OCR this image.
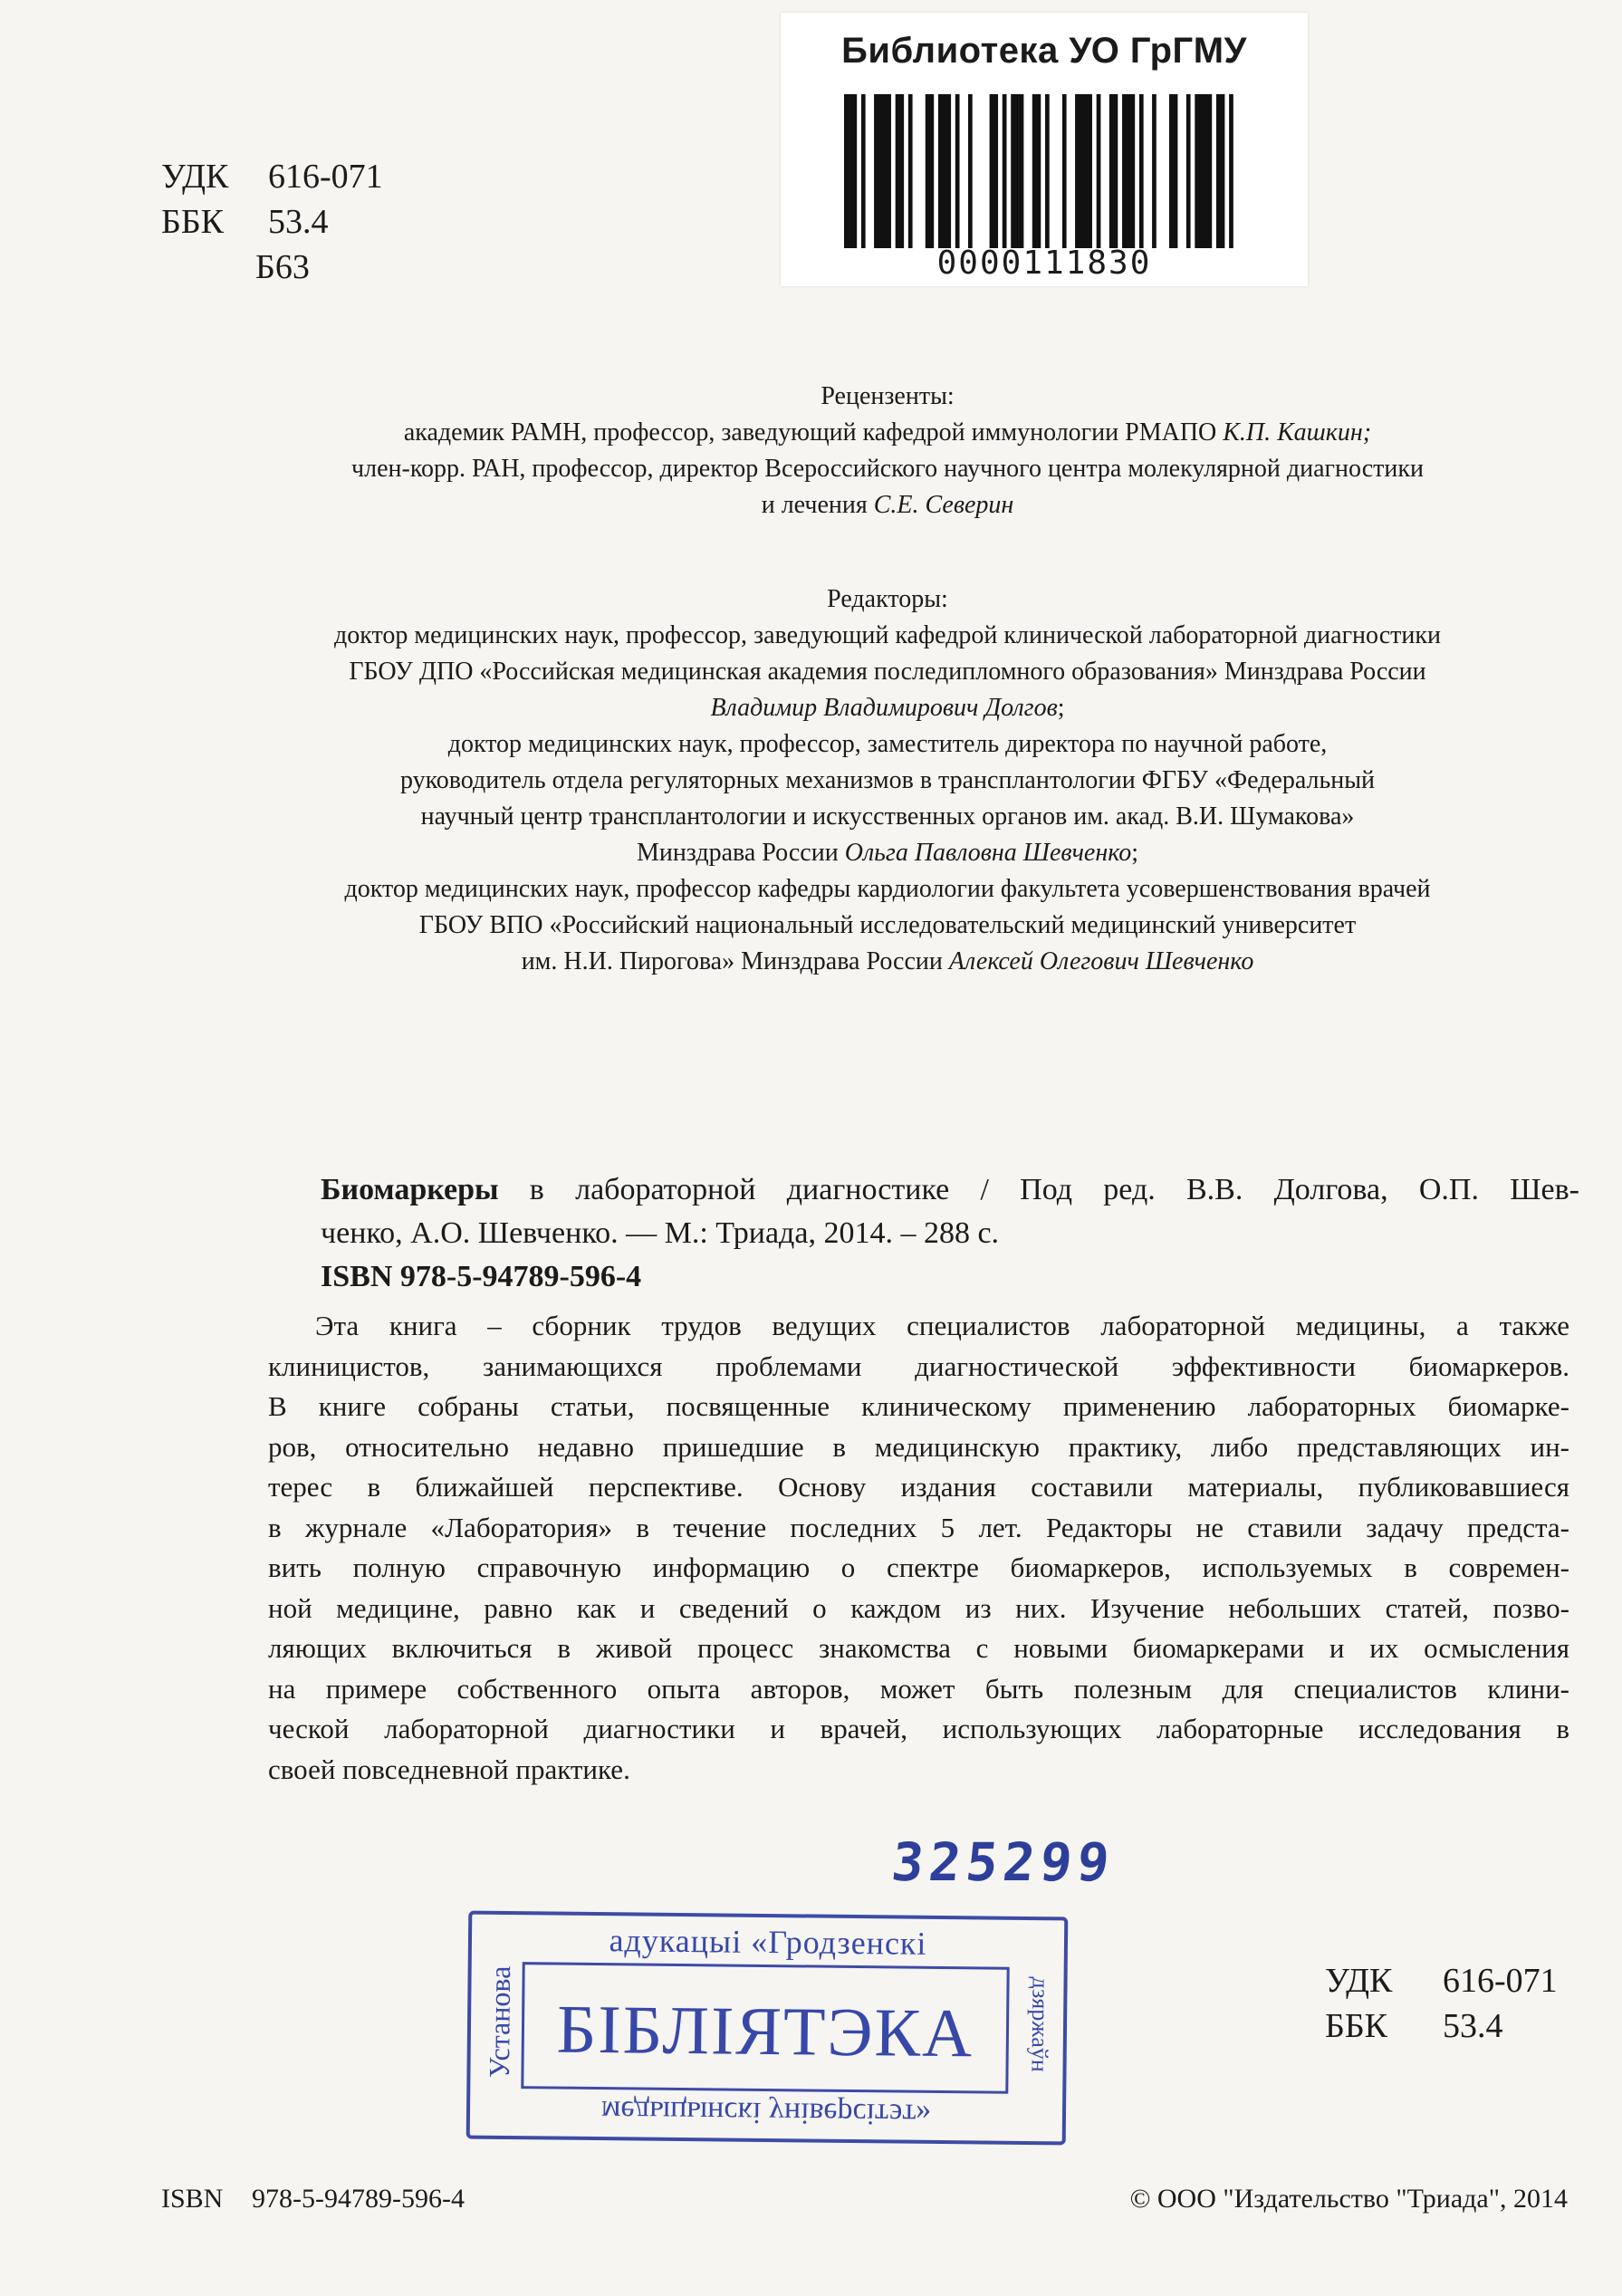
Библиотека УО ГрГМУ
0000111830
УДК 616-071
ББК 53.4
Б63
Рецензенты:
академик РАМН, профессор, заведующий кафедрой иммунологии РМАПО К.П. Кашкин;
член-корр. РАН, профессор, директор Всероссийского научного центра молекулярной диагностики
и лечения С.Е. Северин
Редакторы:
доктор медицинских наук, профессор, заведующий кафедрой клинической лабораторной диагностики
ГБОУ ДПО «Российская медицинская академия последипломного образования» Минздрава России
Владимир Владимирович Долгов;
доктор медицинских наук, профессор, заместитель директора по научной работе,
руководитель отдела регуляторных механизмов в трансплантологии ФГБУ «Федеральный
научный центр трансплантологии и искусственных органов им. акад. В.И. Шумакова»
Минздрава России Ольга Павловна Шевченко;
доктор медицинских наук, профессор кафедры кардиологии факультета усовершенствования врачей
ГБОУ ВПО «Российский национальный исследовательский медицинский университет
им. Н.И. Пирогова» Минздрава России Алексей Олегович Шевченко
Биомаркеры в лабораторной диагностике / Под ред. В.В. Долгова, О.П. Шев-
ченко, А.О. Шевченко. — М.: Триада, 2014. – 288 с.
ISBN 978-5-94789-596-4
Эта книга – сборник трудов ведущих специалистов лабораторной медицины, а также
клиницистов, занимающихся проблемами диагностической эффективности биомаркеров.
В книге собраны статьи, посвященные клиническому применению лабораторных биомарке-
ров, относительно недавно пришедшие в медицинскую практику, либо представляющих ин-
терес в ближайшей перспективе. Основу издания составили материалы, публиковавшиеся
в журнале «Лаборатория» в течение последних 5 лет. Редакторы не ставили задачу предста-
вить полную справочную информацию о спектре биомаркеров, используемых в современ-
ной медицине, равно как и сведений о каждом из них. Изучение небольших статей, позво-
ляющих включиться в живой процесс знакомства с новыми биомаркерами и их осмысления
на примере собственного опыта авторов, может быть полезным для специалистов клини-
ческой лабораторной диагностики и врачей, использующих лабораторные исследования в
своей повседневной практике.
325299
адукацыі «Гродзенскі
БІБЛІЯТЭКА
медыцынскі універсітэт»
Установа	дзяржаўн	УДК 616-071
ББК 53.4
ISBN 978-5-94789-596-4	© ООО "Издательство "Триада", 2014
